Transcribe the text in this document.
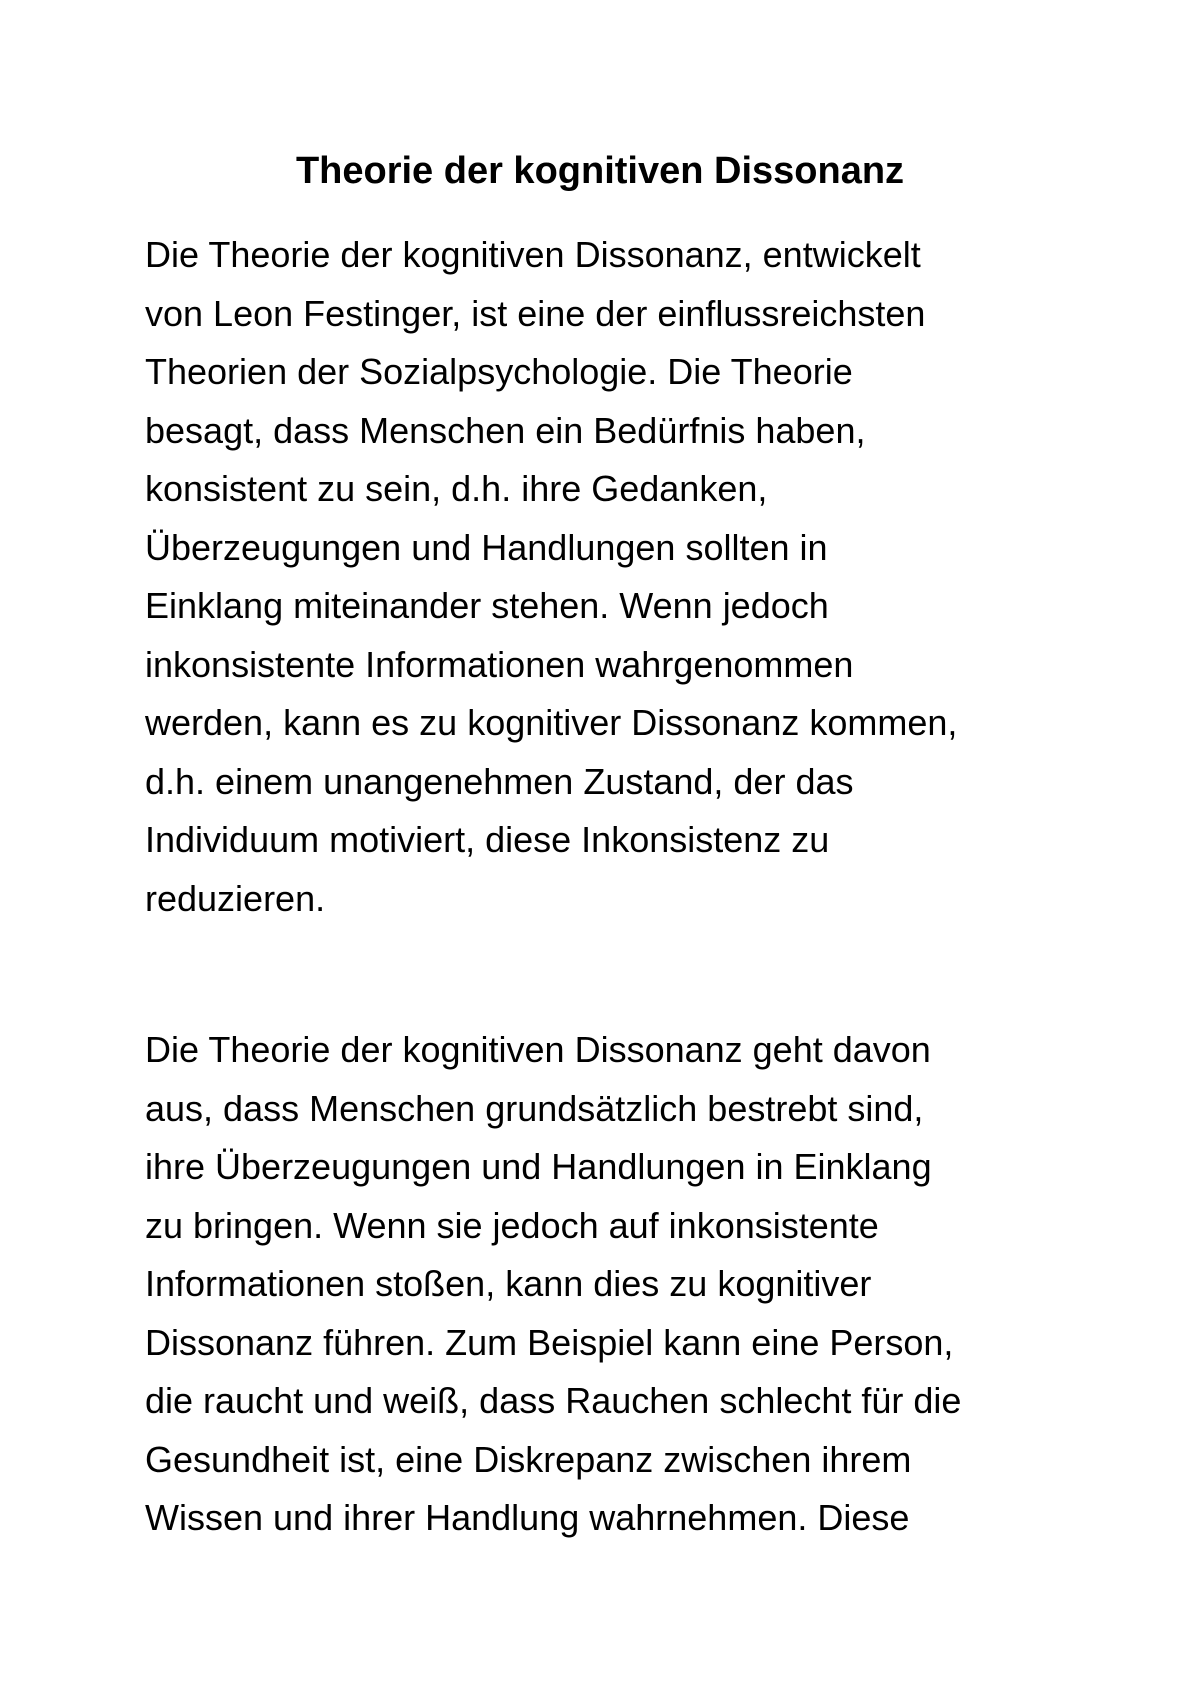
Theorie der kognitiven Dissonanz
Die Theorie der kognitiven Dissonanz, entwickelt
von Leon Festinger, ist eine der einflussreichsten
Theorien der Sozialpsychologie. Die Theorie
besagt, dass Menschen ein Bedürfnis haben,
konsistent zu sein, d.h. ihre Gedanken,
Überzeugungen und Handlungen sollten in
Einklang miteinander stehen. Wenn jedoch
inkonsistente Informationen wahrgenommen
werden, kann es zu kognitiver Dissonanz kommen,
d.h. einem unangenehmen Zustand, der das
Individuum motiviert, diese Inkonsistenz zu
reduzieren.
Die Theorie der kognitiven Dissonanz geht davon
aus, dass Menschen grundsätzlich bestrebt sind,
ihre Überzeugungen und Handlungen in Einklang
zu bringen. Wenn sie jedoch auf inkonsistente
Informationen stoßen, kann dies zu kognitiver
Dissonanz führen. Zum Beispiel kann eine Person,
die raucht und weiß, dass Rauchen schlecht für die
Gesundheit ist, eine Diskrepanz zwischen ihrem
Wissen und ihrer Handlung wahrnehmen. Diese
